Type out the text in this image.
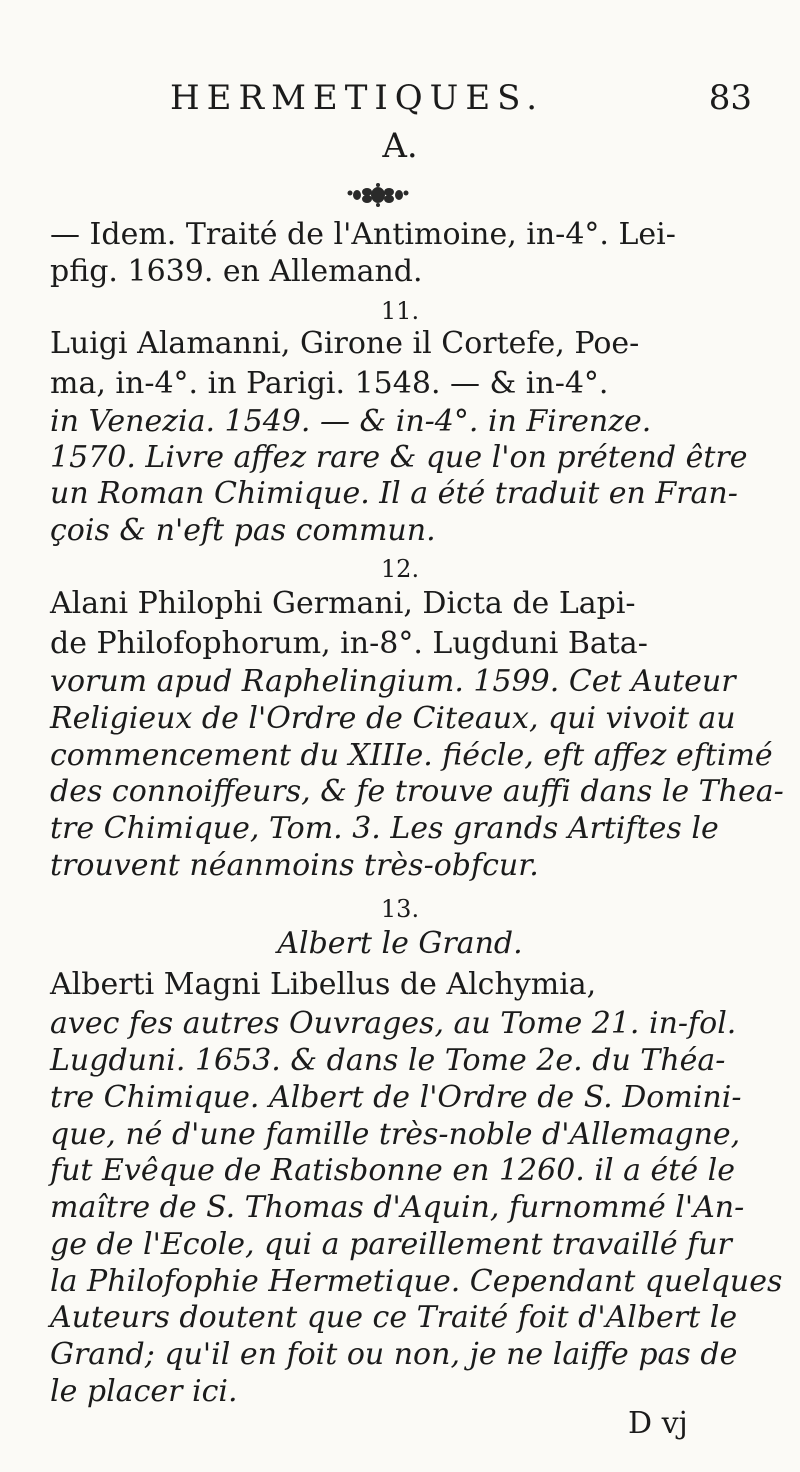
HERMETIQUES.	83
A.
— Idem. Traité de l'Antimoine, in-4°. Lei-
pfig. 1639. en Allemand.
11.
Luigi Alamanni, Girone il Cortefe, Poe-
ma, in-4°. in Parigi. 1548. — & in-4°.
in Venezia. 1549. — & in-4°. in Firenze.
1570. Livre affez rare & que l'on prétend être
un Roman Chimique. Il a été traduit en Fran-
çois & n'eft pas commun.
12.
Alani Philophi Germani, Dicta de Lapi-
de Philofophorum, in-8°. Lugduni Bata-
vorum apud Raphelingium. 1599. Cet Auteur
Religieux de l'Ordre de Citeaux, qui vivoit au
commencement du XIIIe. fiécle, eft affez eftimé
des connoiffeurs, & fe trouve auffi dans le Thea-
tre Chimique, Tom. 3. Les grands Artiftes le
trouvent néanmoins très-obfcur.
13.
Albert le Grand.
Alberti Magni Libellus de Alchymia,
avec fes autres Ouvrages, au Tome 21. in-fol.
Lugduni. 1653. & dans le Tome 2e. du Théa-
tre Chimique. Albert de l'Ordre de S. Domini-
que, né d'une famille très-noble d'Allemagne,
fut Evêque de Ratisbonne en 1260. il a été le
maître de S. Thomas d'Aquin, furnommé l'An-
ge de l'Ecole, qui a pareillement travaillé fur
la Philofophie Hermetique. Cependant quelques
Auteurs doutent que ce Traité foit d'Albert le
Grand; qu'il en foit ou non, je ne laiffe pas de
le placer ici.
D vj
